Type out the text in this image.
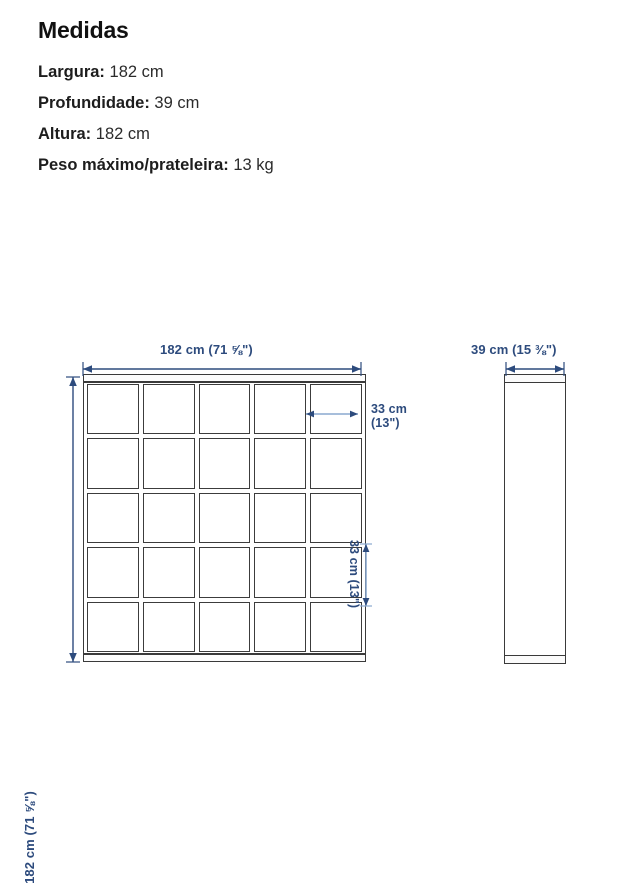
Medidas
Largura: 182 cm
Profundidade: 39 cm
Altura: 182 cm
Peso máximo/prateleira: 13 kg
182 cm (71 ⅝")	39 cm (15 ⅜")
182 cm (71 ⅝")
33 cm
(13")
33 cm (13")
